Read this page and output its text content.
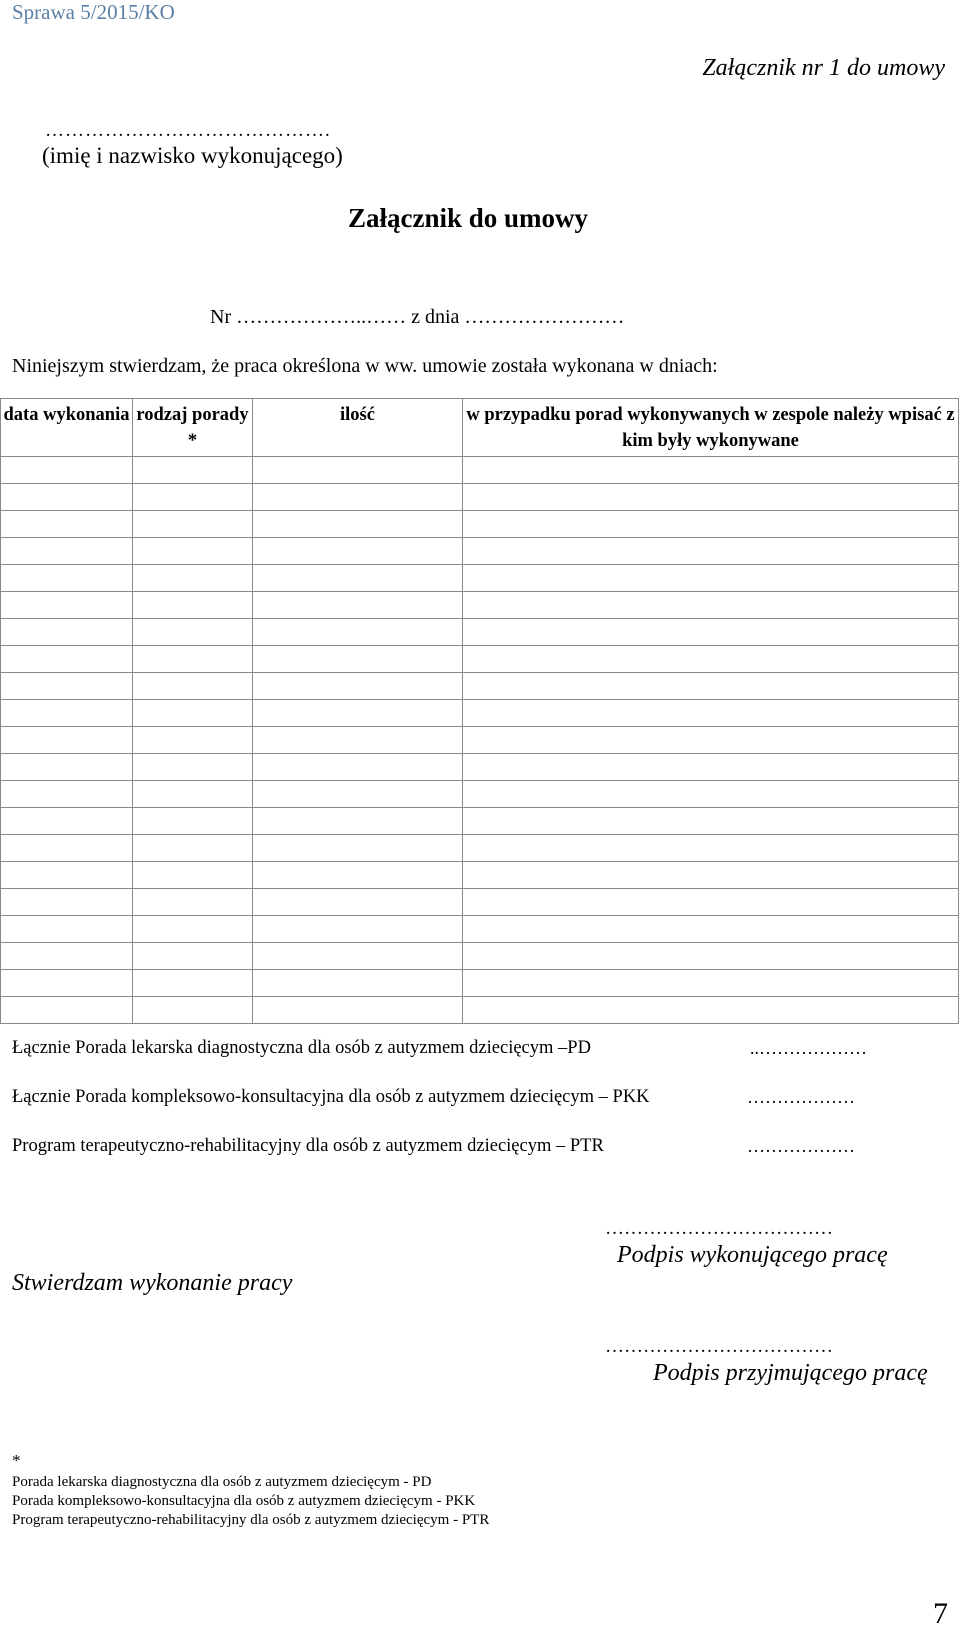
Sprawa 5/2015/KO
Załącznik nr 1 do umowy
…………………………………….
(imię i nazwisko wykonującego)
Załącznik do umowy
Nr ………………..…… z dnia ……………………
Niniejszym stwierdzam, że praca określona w ww. umowie została wykonana w dniach:
data wykonania	rodzaj porady *	ilość	w przypadku porad wykonywanych w zespole należy wpisać z kim były wykonywane

Łącznie Porada lekarska diagnostyczna dla osób z autyzmem dziecięcym –PD	..………………
Łącznie Porada kompleksowo-konsultacyjna dla osób z autyzmem dziecięcym – PKK	………………
Program terapeutyczno-rehabilitacyjny dla osób z autyzmem dziecięcym – PTR	………………
………………………………
Podpis wykonującego pracę
Stwierdzam wykonanie pracy
………………………………
Podpis przyjmującego pracę
*
Porada lekarska diagnostyczna dla osób z autyzmem dziecięcym - PD
Porada kompleksowo-konsultacyjna dla osób z autyzmem dziecięcym - PKK
Program terapeutyczno-rehabilitacyjny dla osób z autyzmem dziecięcym - PTR
7
